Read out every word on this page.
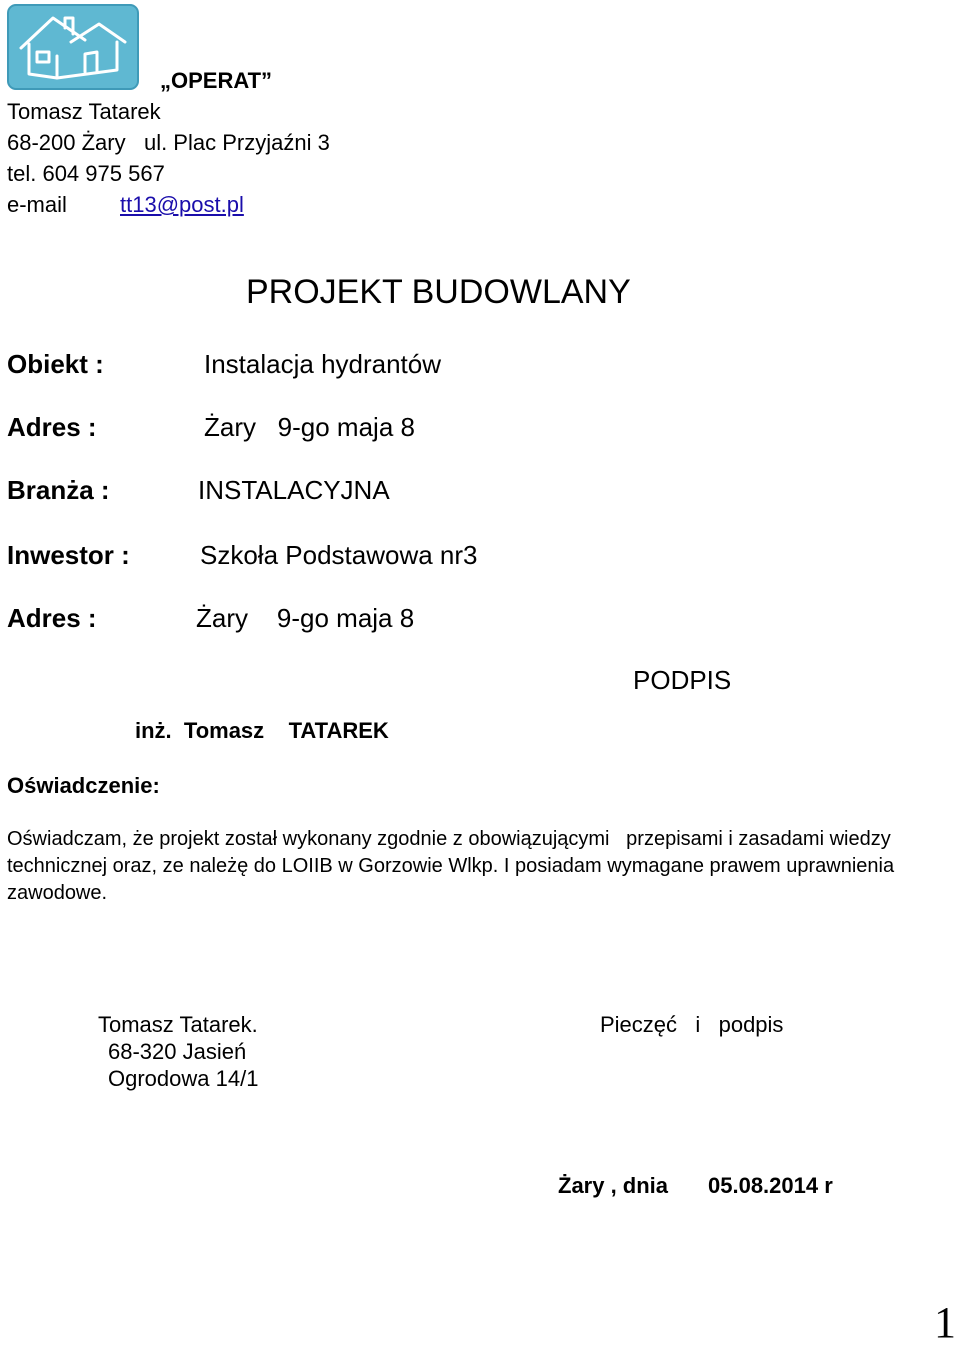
„OPERAT”
Tomasz Tatarek
68-200 Żary   ul. Plac Przyjaźni 3
tel. 604 975 567
e-mail tt13@post.pl
PROJEKT BUDOWLANY
Obiekt :	Instalacja hydrantów
Adres :	Żary   9-go maja 8
Branża :	INSTALACYJNA
Inwestor :	Szkoła Podstawowa nr3
Adres :	Żary    9-go maja 8
PODPIS
inż.  Tomasz    TATAREK
Oświadczenie:

Oświadczam, że projekt został wykonany zgodnie z obowiązującymi   przepisami i zasadami wiedzy technicznej oraz, ze należę do LOIIB w Gorzowie Wlkp. I posiadam wymagane prawem uprawnienia zawodowe.

Tomasz Tatarek.
68-320 Jasień
Ogrodowa 14/1
Pieczęć   i   podpis
Żary , dnia 05.08.2014 r
1
